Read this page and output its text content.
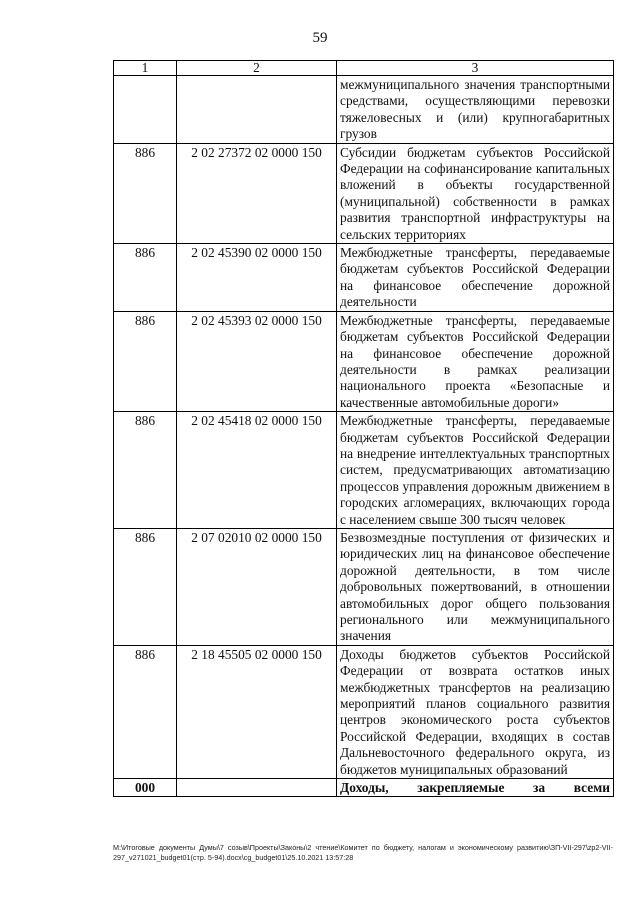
59
1	2	3
		межмуниципального значения транспортными средствами, осуществляющими перевозки тяжеловесных и (или) крупногабаритных грузов
886	2 02 27372 02 0000 150	Субсидии бюджетам субъектов Российской Федерации на софинансирование капитальных вложений в объекты государственной (муниципальной) собственности в рамках развития транспортной инфраструктуры на сельских территориях
886	2 02 45390 02 0000 150	Межбюджетные трансферты, передаваемые бюджетам субъектов Российской Федерации на финансовое обеспечение дорожной деятельности
886	2 02 45393 02 0000 150	Межбюджетные трансферты, передаваемые бюджетам субъектов Российской Федерации на финансовое обеспечение дорожной деятельности в рамках реализации национального проекта «Безопасные и качественные автомобильные дороги»
886	2 02 45418 02 0000 150	Межбюджетные трансферты, передаваемые бюджетам субъектов Российской Федерации на внедрение интеллектуальных транспортных систем, предусматривающих автоматизацию процессов управления дорожным движением в городских агломерациях, включающих города с населением свыше 300 тысяч человек
886	2 07 02010 02 0000 150	Безвозмездные поступления от физических и юридических лиц на финансовое обеспечение дорожной деятельности, в том числе добровольных пожертвований, в отношении автомобильных дорог общего пользования регионального или межмуниципального значения
886	2 18 45505 02 0000 150	Доходы бюджетов субъектов Российской Федерации от возврата остатков иных межбюджетных трансфертов на реализацию мероприятий планов социального развития центров экономического роста субъектов Российской Федерации, входящих в состав Дальневосточного федерального округа, из бюджетов муниципальных образований
000		Доходы, закрепляемые за всеми
M:\Итоговые документы Думы\7 созыв\Проекты\Законы\2 чтение\Комитет по бюджету, налогам и экономическому развитию\ЗП-VII-297\zp2-VII-297_v271021_budget01(стр. 5-94).docx\сg_budget01\25.10.2021 13:57:28
